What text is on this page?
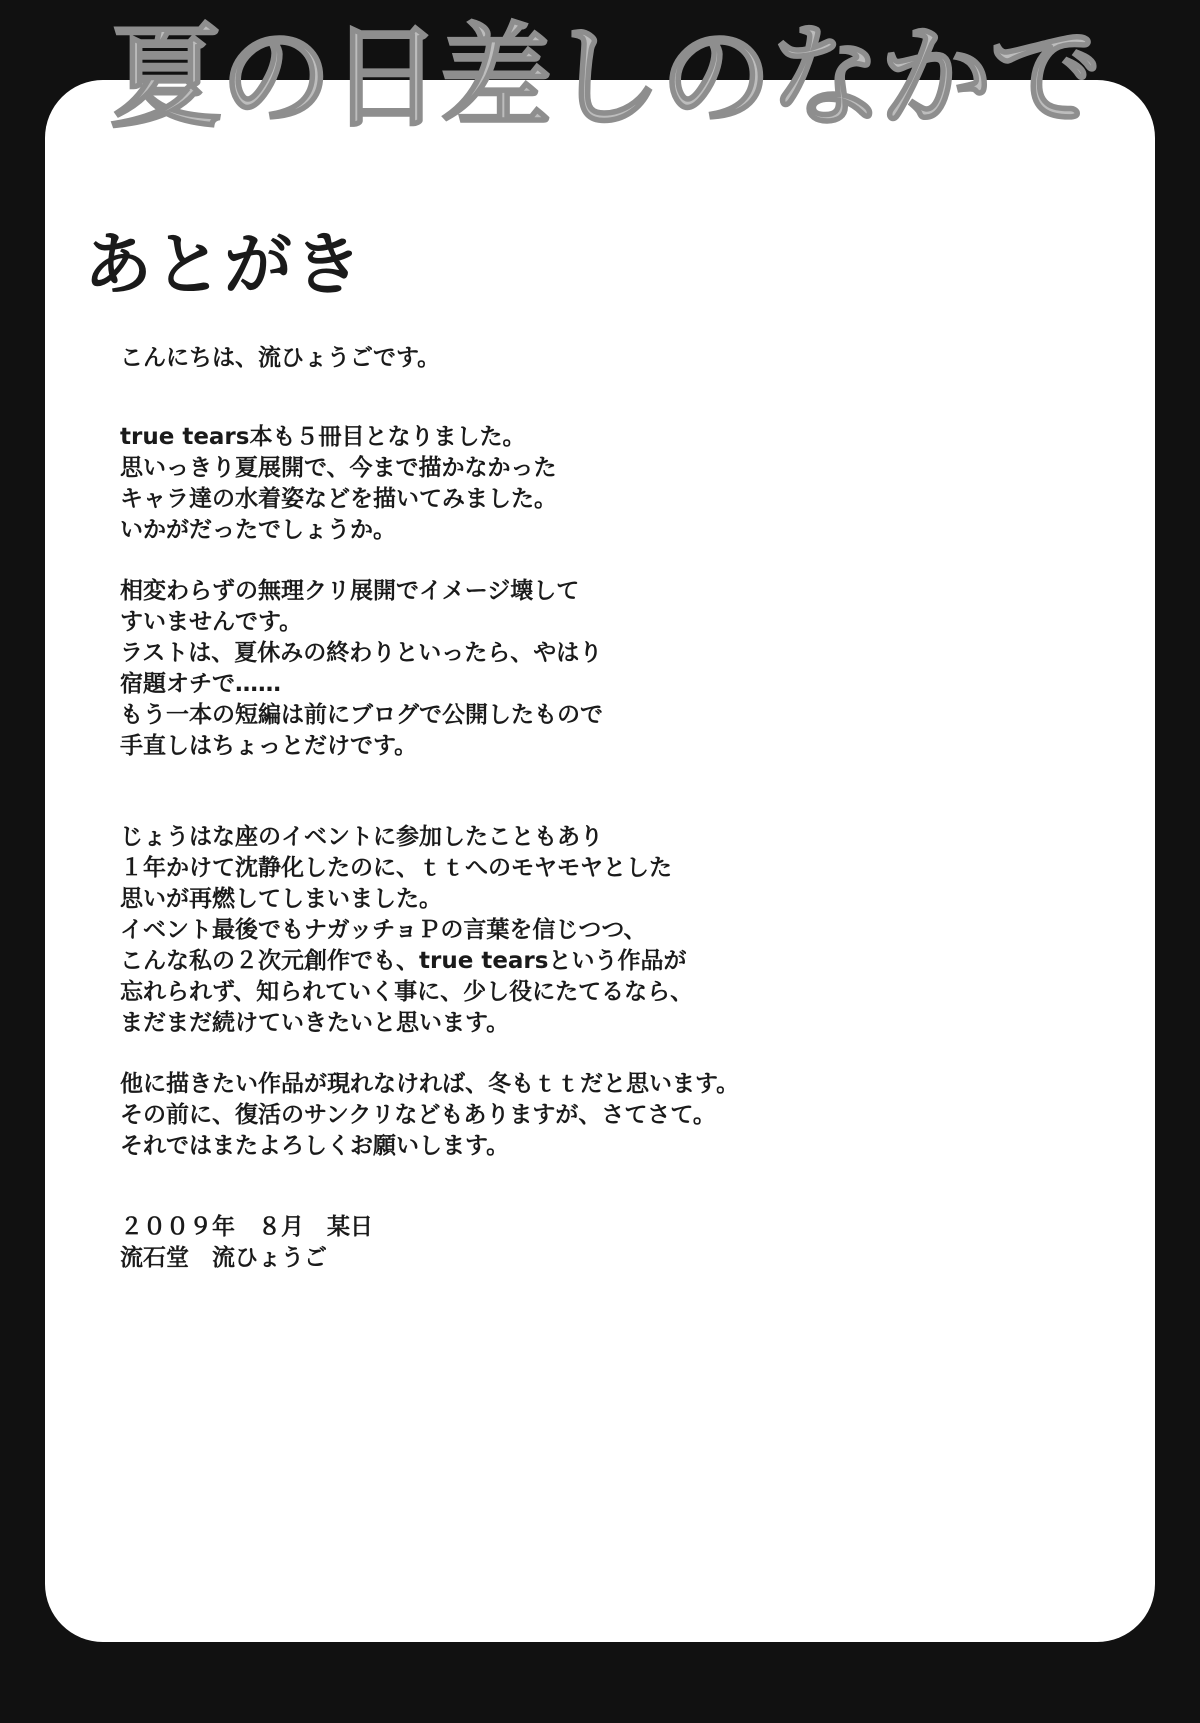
夏の日差しのなかで
あとがき
こんにちは、流ひょうごです。
true tears本も５冊目となりました。
思いっきり夏展開で、今まで描かなかった
キャラ達の水着姿などを描いてみました。
いかがだったでしょうか。
相変わらずの無理クリ展開でイメージ壊して
すいませんです。
ラストは、夏休みの終わりといったら、やはり
宿題オチで……
もう一本の短編は前にブログで公開したもので
手直しはちょっとだけです。
じょうはな座のイベントに参加したこともあり
１年かけて沈静化したのに、ｔｔへのモヤモヤとした
思いが再燃してしまいました。
イベント最後でもナガッチョＰの言葉を信じつつ、
こんな私の２次元創作でも、true tearsという作品が
忘れられず、知られていく事に、少し役にたてるなら、
まだまだ続けていきたいと思います。
他に描きたい作品が現れなければ、冬もｔｔだと思います。
その前に、復活のサンクリなどもありますが、さてさて。
それではまたよろしくお願いします。
２００９年　８月　某日
流石堂　流ひょうご
